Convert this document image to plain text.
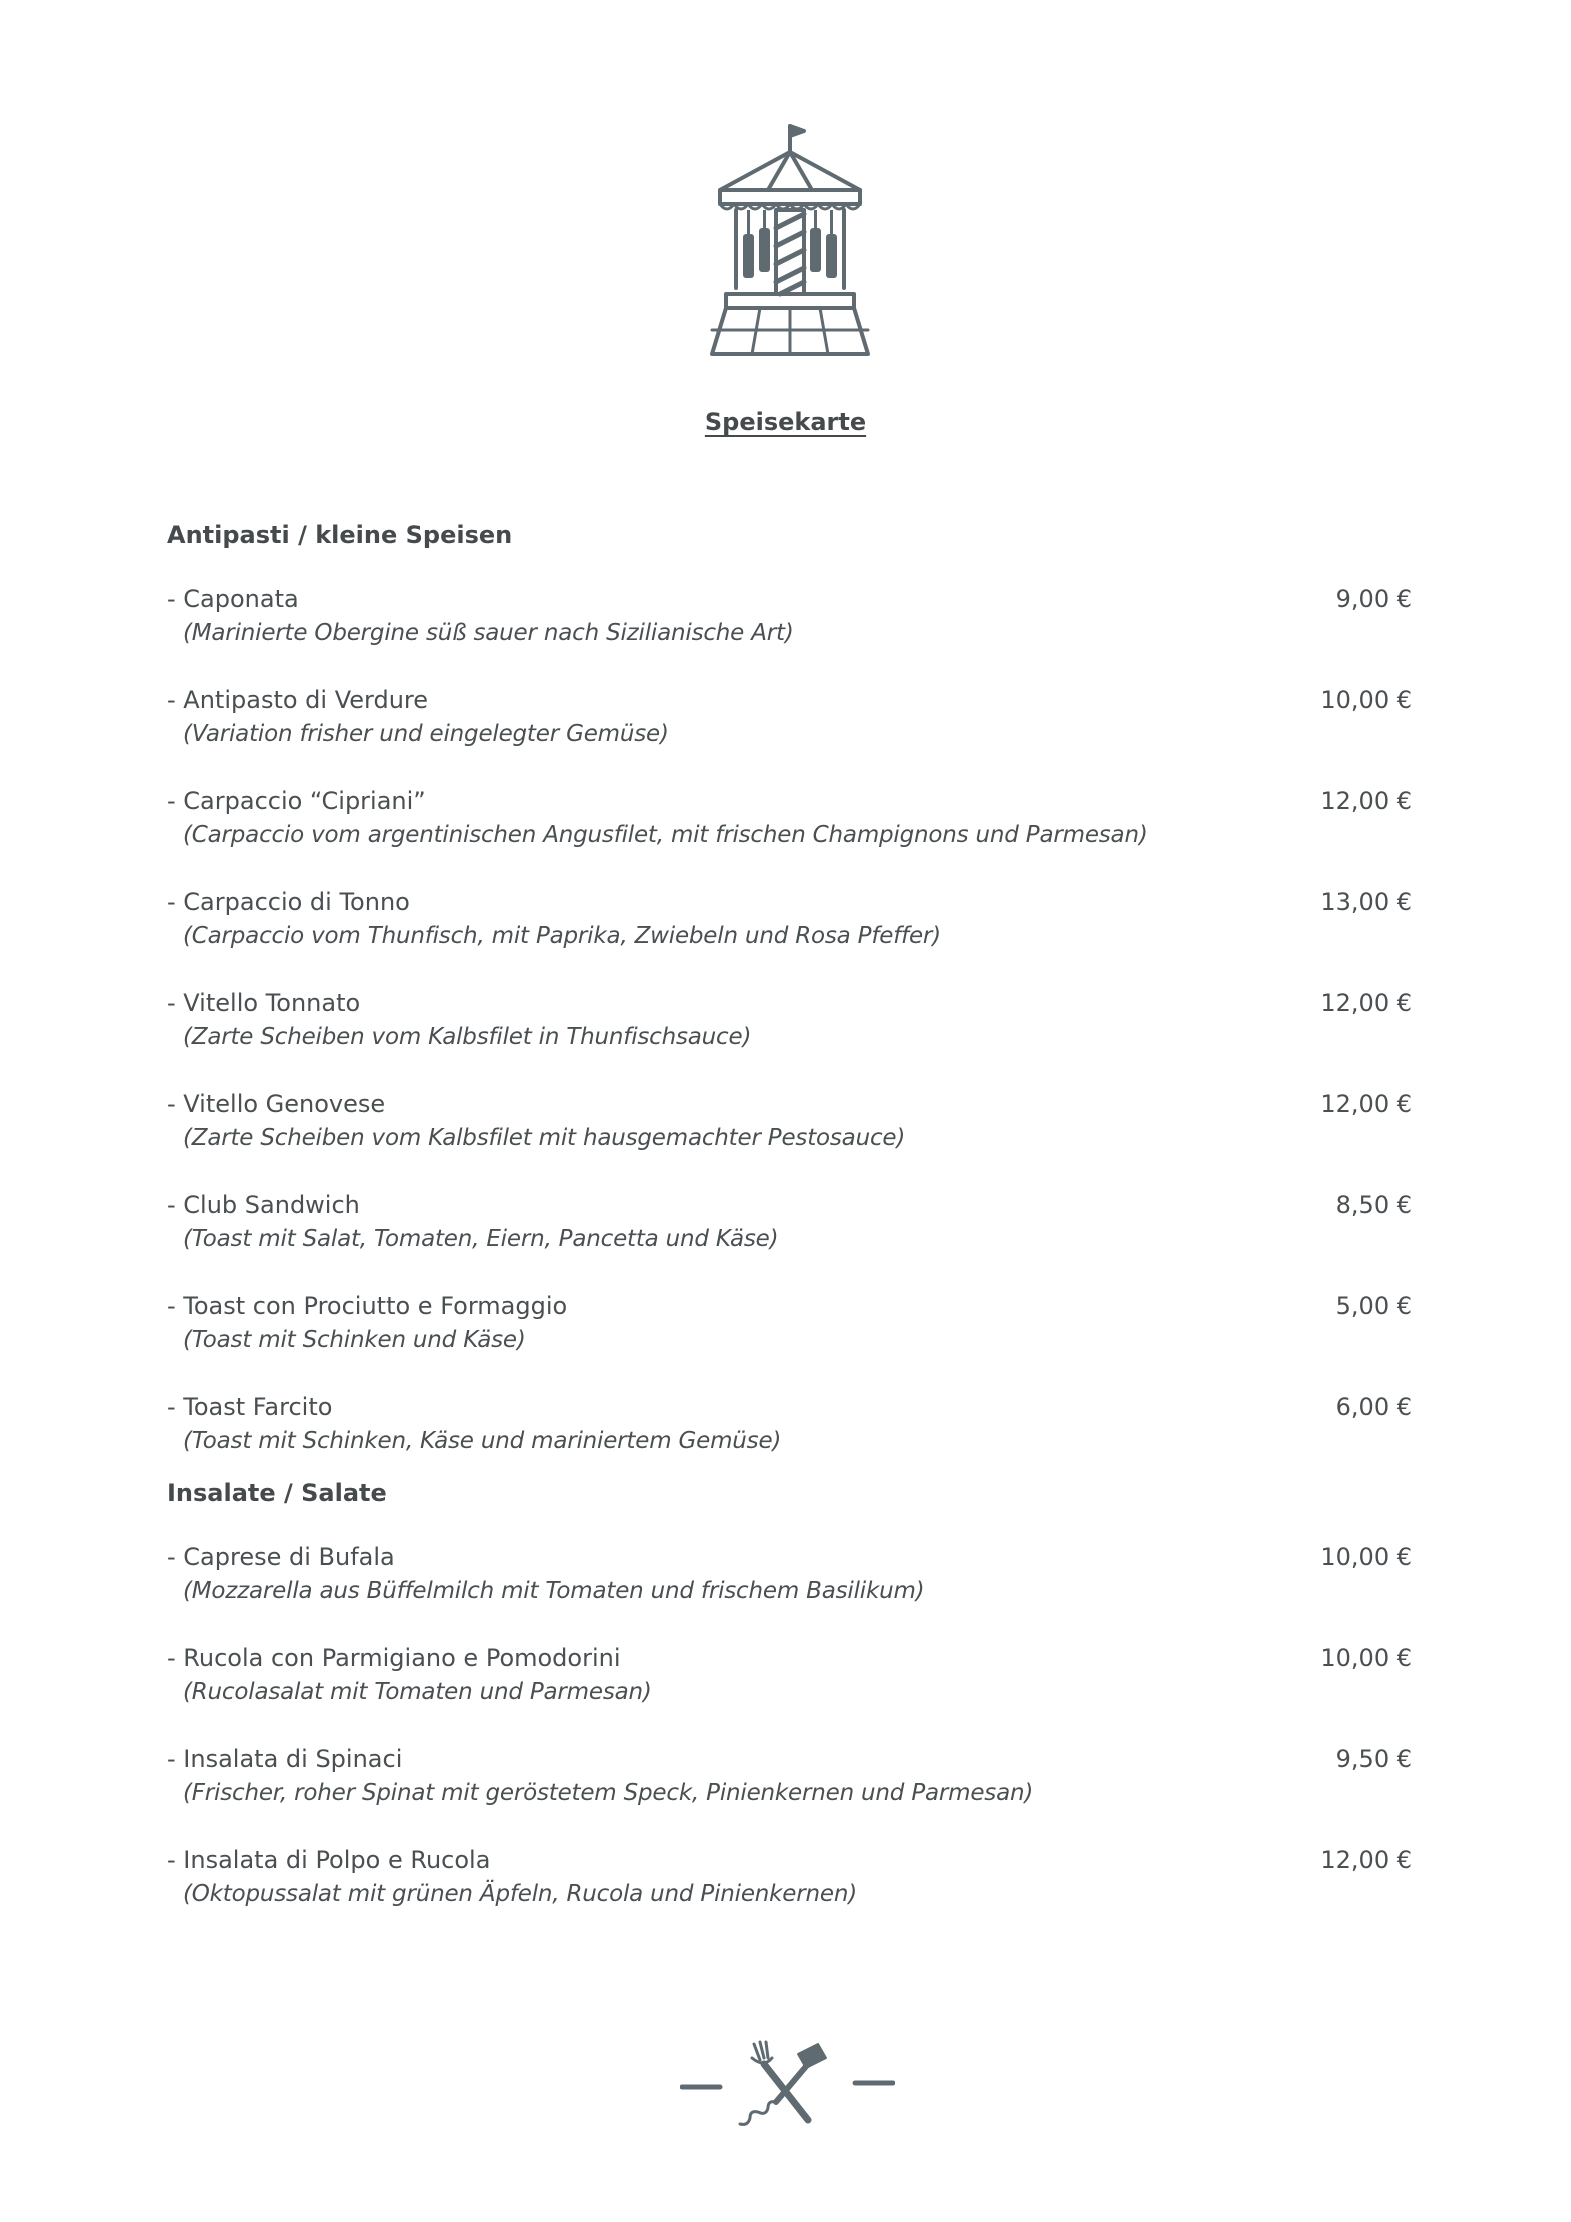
Speisekarte
Antipasti / kleine Speisen
- Caponata
(Marinierte Obergine süß sauer nach Sizilianische Art)
9,00 €
- Antipasto di Verdure
(Variation frisher und eingelegter Gemüse)
10,00 €
- Carpaccio “Cipriani”
(Carpaccio vom argentinischen Angusfilet, mit frischen Champignons und Parmesan)
12,00 €
- Carpaccio di Tonno
(Carpaccio vom Thunfisch, mit Paprika, Zwiebeln und Rosa Pfeffer)
13,00 €
- Vitello Tonnato
(Zarte Scheiben vom Kalbsfilet in Thunfischsauce)
12,00 €
- Vitello Genovese
(Zarte Scheiben vom Kalbsfilet mit hausgemachter Pestosauce)
12,00 €
- Club Sandwich
(Toast mit Salat, Tomaten, Eiern, Pancetta und Käse)
8,50 €
- Toast con Prociutto e Formaggio
(Toast mit Schinken und Käse)
5,00 €
- Toast Farcito
(Toast mit Schinken, Käse und mariniertem Gemüse)
6,00 €
Insalate / Salate
- Caprese di Bufala
(Mozzarella aus Büffelmilch mit Tomaten und frischem Basilikum)
10,00 €
- Rucola con Parmigiano e Pomodorini
(Rucolasalat mit Tomaten und Parmesan)
10,00 €
- Insalata di Spinaci
(Frischer, roher Spinat mit geröstetem Speck, Pinienkernen und Parmesan)
9,50 €
- Insalata di Polpo e Rucola
(Oktopussalat mit grünen Äpfeln, Rucola und Pinienkernen)
12,00 €
